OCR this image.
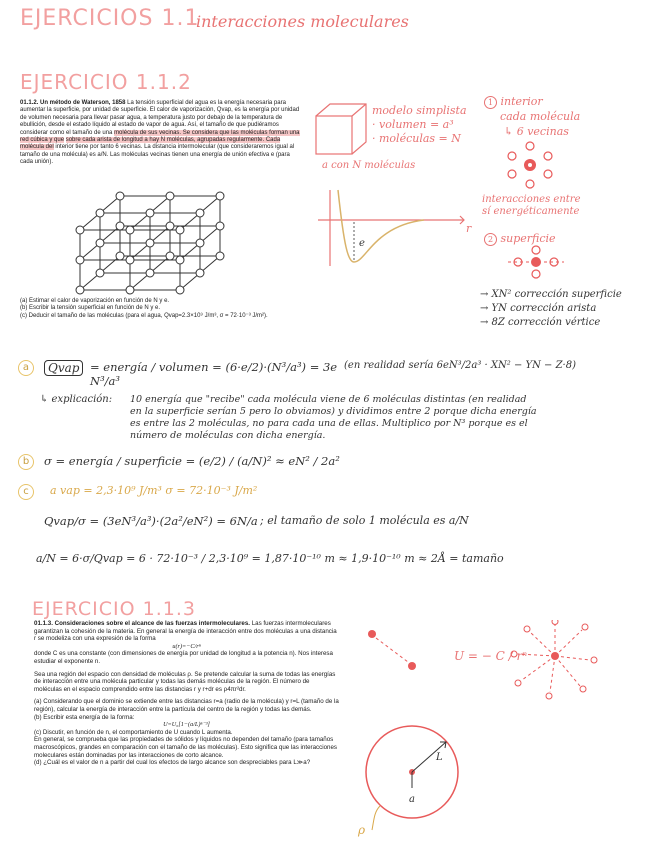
EJERCICIOS 1.1
interacciones moleculares
EJERCICIO 1.1.2
01.1.2. Un método de Waterson, 1858 La tensión superficial del agua es la energía necesaria para aumentar la superficie, por unidad de superficie. El calor de vaporización, Qvap, es la energía por unidad de volumen necesaria para llevar pasar agua, a temperatura justo por debajo de la temperatura de ebullición, desde el estado líquido al estado de vapor de agua. Así, el tamaño de que pudiéramos considerar como el tamaño de una molécula de sus vecinas. Se considera que las moléculas forman una red cúbica y que sobre cada arista de longitud a hay N moléculas, agrupadas regularmente. Cada molécula del interior tiene por tanto 6 vecinas. La distancia intermolecular (que consideraremos igual al tamaño de una molécula) es a/N. Las moléculas vecinas tienen una energía de unión efectiva e (para cada unión).
(a) Estimar el calor de vaporización en función de N y e.
(b) Escribir la tensión superficial en función de N y e.
(c) Deducir el tamaño de las moléculas (para el agua, Qvap=2.3×10⁹ J/m³, σ = 72·10⁻³ J/m²).
modelo simplista
· volumen = a³
· moléculas = N
a con N moléculas
1 interior
cada molécula
↳ 6 vecinas
interacciones entre
sí energéticamente
r
e	2 superficie
→ XN² corrección superficie
→ YN corrección arista
→ 8Z corrección vértice
a	Qvap = energía / volumen = (6·e/2)·(N³/a³) = 3e N³/a³
(en realidad sería 6eN³/2a³ · XN² − YN − Z·8)
↳ explicación: 10 energía que "recibe" cada molécula viene de 6 moléculas distintas (en realidad
en la superficie serían 5 pero lo obviamos) y dividimos entre 2 porque dicha energía
es entre las 2 moléculas, no para cada una de ellas. Multiplico por N³ porque es el
número de moléculas con dicha energía.
b	σ = energía / superficie = (e/2) / (a/N)² ≈ eN² / 2a²
c	a vap = 2,3·10⁹ J/m³ σ = 72·10⁻³ J/m²
Qvap/σ = (3eN³/a³)·(2a²/eN²) = 6N/a ; el tamaño de solo 1 molécula es a/N
a/N = 6·σ/Qvap = 6 · 72·10⁻³ / 2,3·10⁹ = 1,87·10⁻¹⁰ m ≈ 1,9·10⁻¹⁰ m ≈ 2Å = tamaño
EJERCICIO 1.1.3

01.1.3. Consideraciones sobre el alcance de las fuerzas intermoleculares. Las fuerzas intermoleculares garantizan la cohesión de la materia. En general la energía de interacción entre dos moléculas a una distancia r se modeliza con una expresión de la forma

u(r)=−C/rⁿ

donde C es una constante (con dimensiones de energía por unidad de longitud a la potencia n). Nos interesa estudiar el exponente n.

Sea una región del espacio con densidad de moléculas ρ. Se pretende calcular la suma de todas las energías de interacción entre una molécula particular y todas las demás moléculas de la región. El número de moléculas en el espacio comprendido entre las distancias r y r+dr es ρ4πr²dr.

(a) Considerando que el dominio se extiende entre las distancias r=a (radio de la molécula) y r=L (tamaño de la región), calcular la energía de interacción entre la partícula del centro de la región y todas las demás.

(b) Escribir esta energía de la forma:

U=U₀[1−(a/L)ⁿ⁻³]

(c) Discutir, en función de n, el comportamiento de U cuando L aumenta.

En general, se comprueba que las propiedades de sólidos y líquidos no dependen del tamaño (para tamaños macroscópicos, grandes en comparación con el tamaño de las moléculas). Esto significa que las interacciones moleculares están dominadas por las interacciones de corto alcance.

(d) ¿Cuál es el valor de n a partir del cual los efectos de largo alcance son despreciables para L≫a?

U = − C / rⁿ
L
a
ρ
